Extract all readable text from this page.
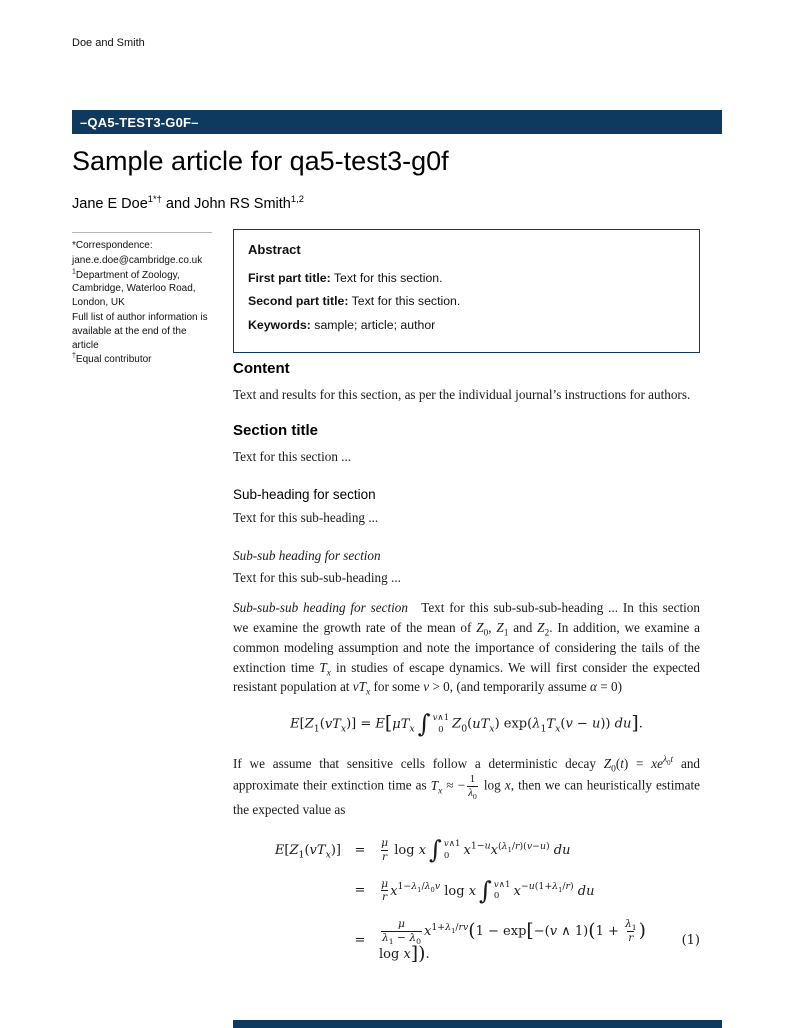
Doe and Smith
–QA5-TEST3-G0F–
Sample article for qa5-test3-g0f
Jane E Doe$^{1*\dagger}$ and John RS Smith$^{1,2}$
*Correspondence:
jane.e.doe@cambridge.co.uk
$^1$Department of Zoology, Cambridge, Waterloo Road, London, UK
Full list of author information is available at the end of the article
†Equal contributor
Abstract

First part title: Text for this section.

Second part title: Text for this section.

Keywords: sample; article; author

Content

Text and results for this section, as per the individual journal’s instructions for authors.

Section title

Text for this section ...

Sub-heading for section

Text for this sub-heading ...

Sub-sub heading for section

Text for this sub-sub-heading ...

Sub-sub-sub heading for section Text for this sub-sub-sub-heading ... In this section we examine the growth rate of the mean of $Z_0$, $Z_1$ and $Z_2$. In addition, we examine a common modeling assumption and note the importance of considering the tails of the extinction time $T_x$ in studies of escape dynamics. We will first consider the expected resistant population at $vT_x$ for some v > 0, (and temporarily assume α = 0)

$E[Z_1(vT_x)] = E[\mu T_x$ ∫ v∧1
0 $Z_0(uT_x) \exp(\lambda_1T_x(v - u))$ du].

If we assume that sensitive cells follow a deterministic decay $Z_0(t) = xe^{\lambda_0t}$ and approximate their extinction time as $T_x$ ≈ − $\frac{1}{\lambda_0}$ log x, then we can heuristically estimate the expected value as

$E[Z_1(vT_x)]$	=	$\frac{\mu}{r}$ log x ∫ v∧1
0	$x^{1-u}x^{(\lambda_1/r)(v-u)}$ du	
	=	$\frac{\mu}{r} x^{1-\lambda_1/\lambda_0v}$ log x ∫ v∧1
0	$x^{-u(1+\lambda_1/r)}$ du	
	=	$\frac{\mu}{\lambda_1 - \lambda_0} x^{1+\lambda_1/rv}(1 - \exp[-(v$ ∧ $1)(1 + \frac{\lambda_1}{r}$ ) log x]).	(1)
